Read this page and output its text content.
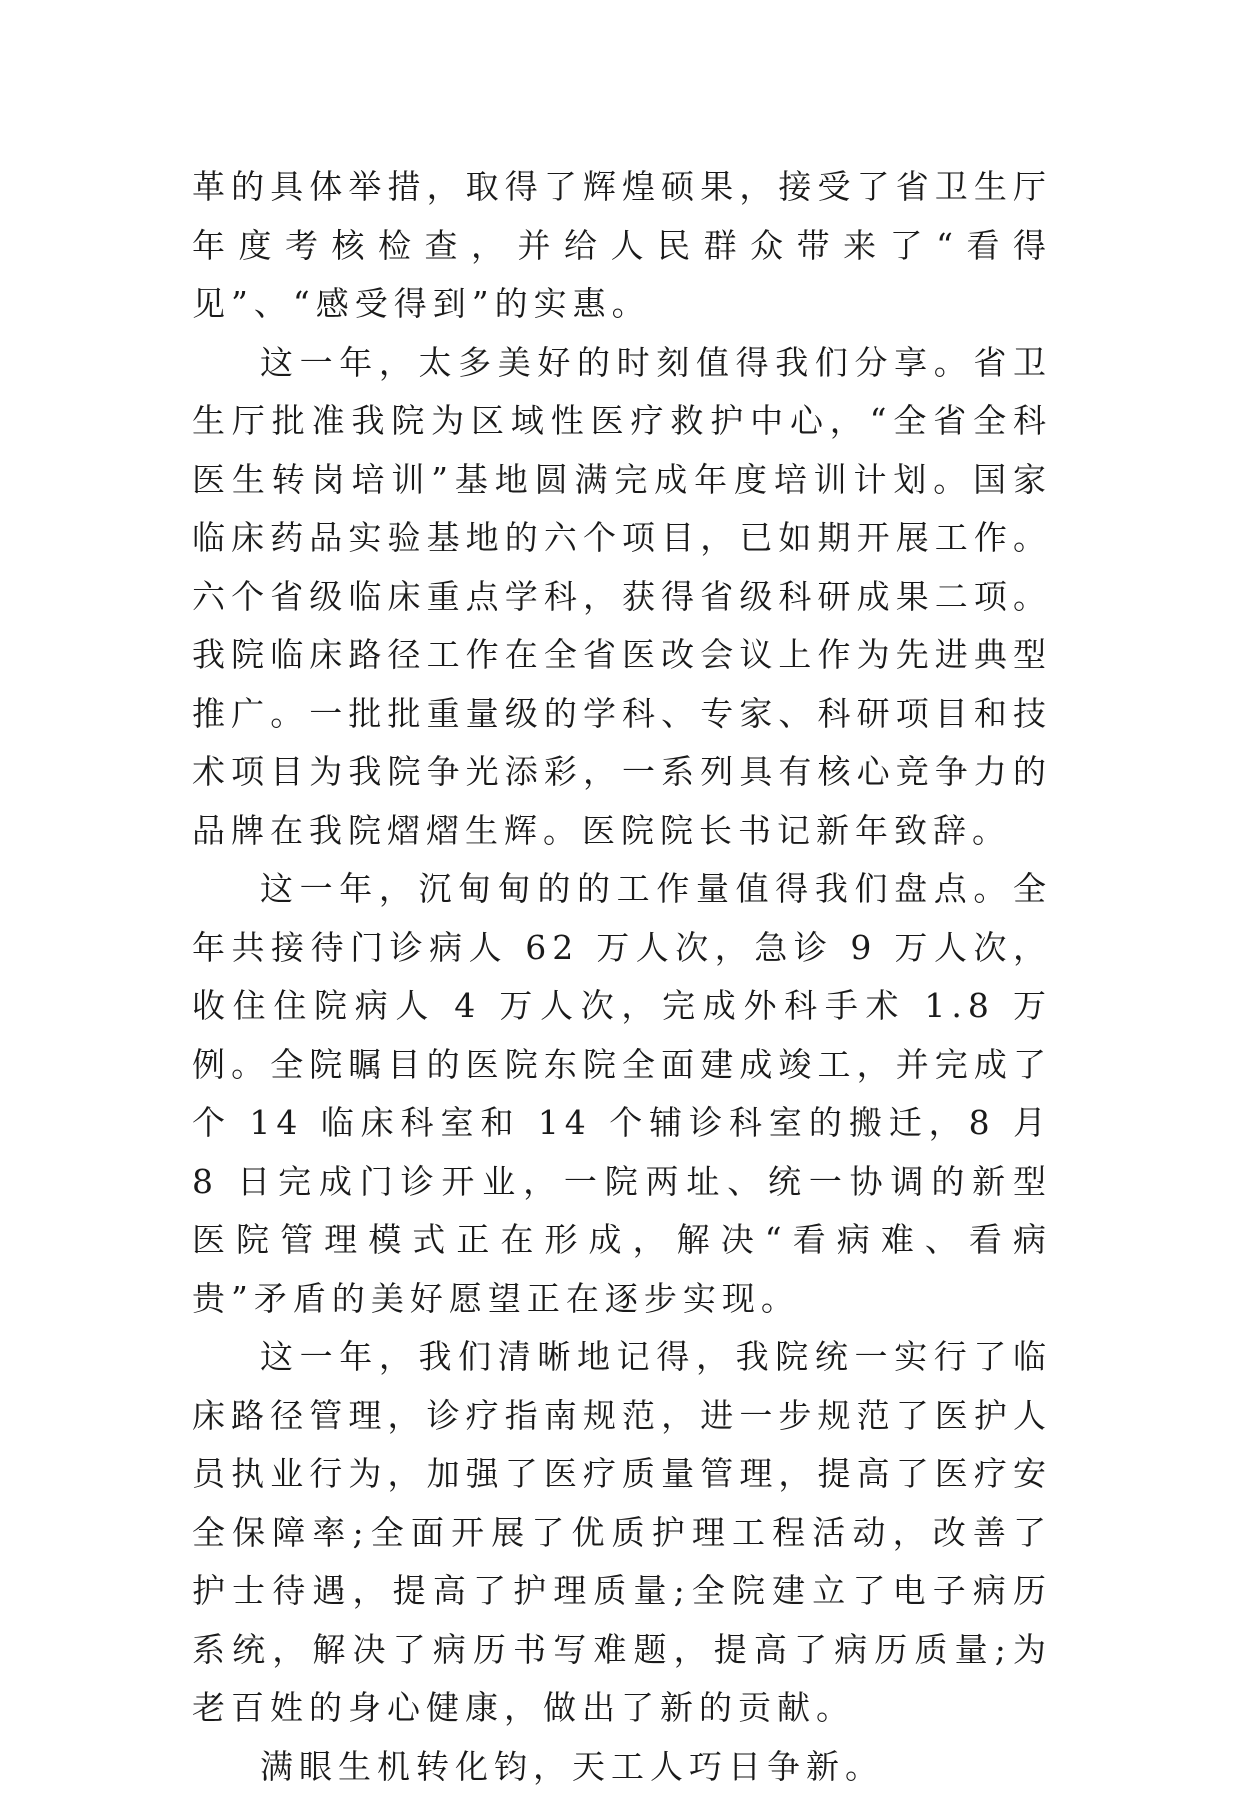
革的具体举措，取得了辉煌硕果，接受了省卫生厅年度考核检查，并给人民群众带来了“看得见”、“感受得到”的实惠。

这一年，太多美好的时刻值得我们分享。省卫生厅批准我院为区域性医疗救护中心，“全省全科医生转岗培训”基地圆满完成年度培训计划。国家临床药品实验基地的六个项目，已如期开展工作。六个省级临床重点学科，获得省级科研成果二项。我院临床路径工作在全省医改会议上作为先进典型推广。一批批重量级的学科、专家、科研项目和技术项目为我院争光添彩，一系列具有核心竞争力的品牌在我院熠熠生辉。医院院长书记新年致辞。

这一年，沉甸甸的的工作量值得我们盘点。全年共接待门诊病人 62 万人次，急诊 9 万人次，收住住院病人 4 万人次，完成外科手术 1.8 万例。全院瞩目的医院东院全面建成竣工，并完成了个 14 临床科室和 14 个辅诊科室的搬迁，8 月 8 日完成门诊开业，一院两址、统一协调的新型医院管理模式正在形成，解决“看病难、看病贵”矛盾的美好愿望正在逐步实现。

这一年，我们清晰地记得，我院统一实行了临床路径管理，诊疗指南规范，进一步规范了医护人员执业行为，加强了医疗质量管理，提高了医疗安全保障率;全面开展了优质护理工程活动，改善了护士待遇，提高了护理质量;全院建立了电子病历系统，解决了病历书写难题，提高了病历质量;为老百姓的身心健康，做出了新的贡献。

满眼生机转化钧，天工人巧日争新。
